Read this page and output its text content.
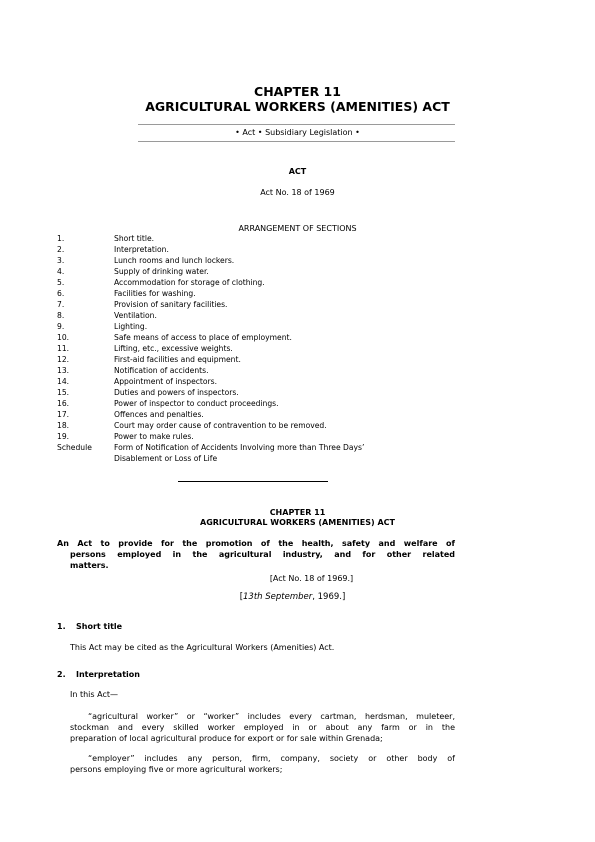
CHAPTER 11
AGRICULTURAL WORKERS (AMENITIES) ACT
• Act • Subsidiary Legislation •
ACT
Act No. 18 of 1969
ARRANGEMENT OF SECTIONS
1.	Short title.
2.	Interpretation.
3.	Lunch rooms and lunch lockers.
4.	Supply of drinking water.
5.	Accommodation for storage of clothing.
6.	Facilities for washing.
7.	Provision of sanitary facilities.
8.	Ventilation.
9.	Lighting.
10.	Safe means of access to place of employment.
11.	Lifting, etc., excessive weights.
12.	First-aid facilities and equipment.
13.	Notification of accidents.
14.	Appointment of inspectors.
15.	Duties and powers of inspectors.
16.	Power of inspector to conduct proceedings.
17.	Offences and penalties.
18.	Court may order cause of contravention to be removed.
19.	Power to make rules.
Schedule	Form of Notification of Accidents Involving more than Three Days’
Disablement or Loss of Life
CHAPTER 11
AGRICULTURAL WORKERS (AMENITIES) ACT
An Act to provide for the promotion of the health, safety and welfare of
persons employed in the agricultural industry, and for other related
matters.
[Act No. 18 of 1969.]
[13th September, 1969.]
1. Short title
This Act may be cited as the Agricultural Workers (Amenities) Act.
2. Interpretation
In this Act—
“agricultural worker” or “worker” includes every cartman, herdsman, muleteer,
stockman and every skilled worker employed in or about any farm or in the
preparation of local agricultural produce for export or for sale within Grenada;
“employer” includes any person, firm, company, society or other body of
persons employing five or more agricultural workers;
